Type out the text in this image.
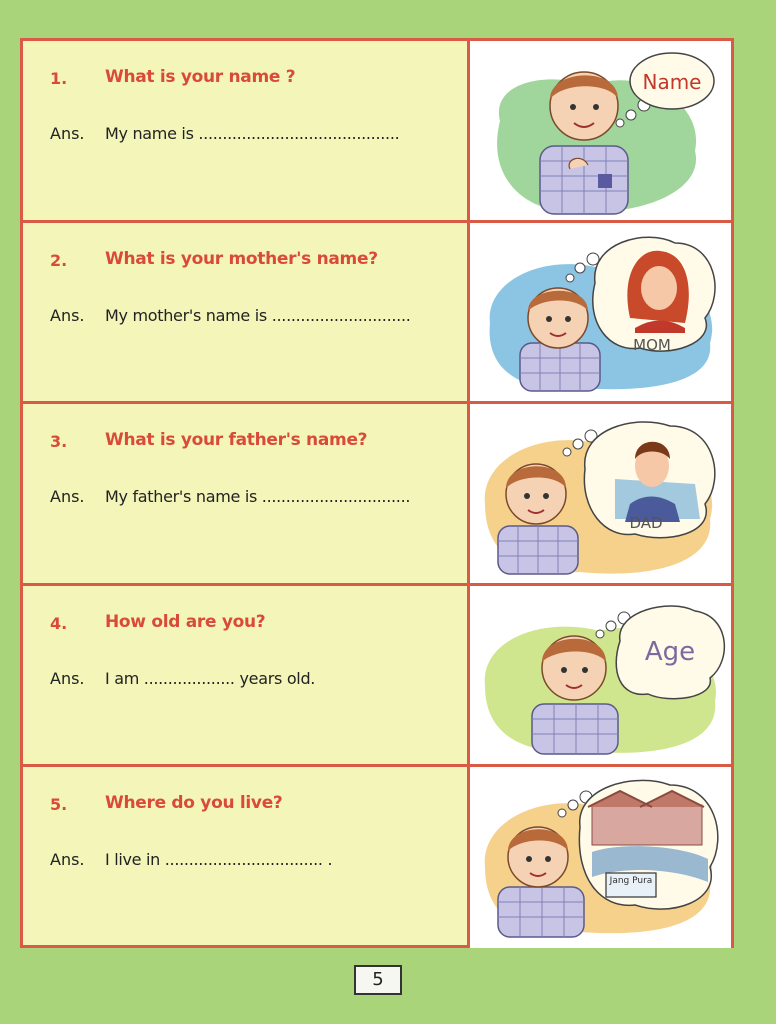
1. What is your name ?
Ans. My name is ..........................................
Name
2. What is your mother's name?
Ans. My mother's name is .............................
MOM
3. What is your father's name?
Ans. My father's name is ...............................
DAD
4. How old are you?
Ans. I am ................... years old.
Age
5. Where do you live?
Ans. I live in ................................. .
Jang Pura
5
